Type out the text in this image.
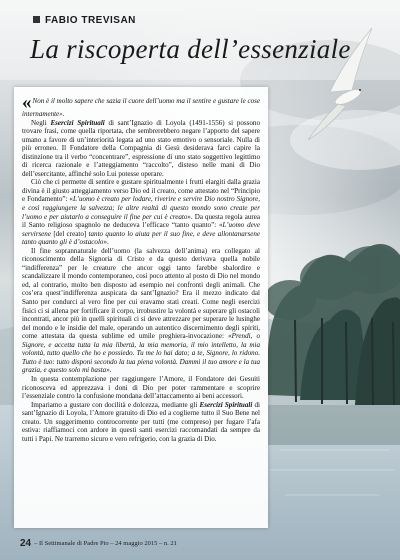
FABIO TREVISAN
La riscoperta dell’essenziale

«Non è il molto sapere che sazia il cuore dell’uomo ma il sentire e gustare le cose internamente».

Negli Esercizi Spirituali di sant’Ignazio di Loyola (1491-1556) si possono trovare frasi, come quella riportata, che sembrerebbero negare l’apporto del sapere umano a favore di un’interiorità legata ad uno stato emotivo o sensoriale. Nulla di più erroneo. Il Fondatore della Compagnia di Gesù desiderava farci capire la distinzione tra il verbo “concentrare”, espressione di uno stato soggettivo legittimo di ricerca razionale e l’atteggiamento “raccolto”, disteso nelle mani di Dio dell’esercitante, affinché solo Lui potesse operare.

Ciò che ci permette di sentire e gustare spiritualmente i frutti elargiti dalla grazia divina è il giusto atteggiamento verso Dio ed il creato, come attestato nel “Principio e Fondamento”: «L’uomo è creato per lodare, riverire e servire Dio nostro Signore, e così raggiungere la salvezza; le altre realtà di questo mondo sono create per l’uomo e per aiutarlo a conseguire il fine per cui è creato». Da questa regola aurea il Santo religioso spagnolo ne deduceva l’efficace “tanto quanto”: «L’uomo deve servirsene [del creato] tanto quanto lo aiuta per il suo fine, e deve allontanarsene tanto quanto gli è d’ostacolo».

Il fine soprannaturale dell’uomo (la salvezza dell’anima) era collegato al riconoscimento della Signoria di Cristo e da questo derivava quella nobile “indifferenza” per le creature che ancor oggi tanto farebbe sbalordire e scandalizzare il mondo contemporaneo, così poco attento al posto di Dio nel mondo ed, al contrario, molto ben disposto ad esempio nei confronti degli animali. Che cos’era quest’indifferenza auspicata da sant’Ignazio? Era il mezzo indicato dal Santo per condurci al vero fine per cui eravamo stati creati. Come negli esercizi fisici ci si allena per fortificare il corpo, irrobustire la volontà e superare gli ostacoli incontrati, ancor più in quelli spirituali ci si deve attrezzare per superare le lusinghe del mondo e le insidie del male, operando un autentico discernimento degli spiriti, come attestata da questa sublime ed umile preghiera-invocazione: «Prendi, o Signore, e accetta tutta la mia libertà, la mia memoria, il mio intelletto, la mia volontà, tutto quello che ho e possiedo. Tu me lo hai dato; a te, Signore, lo ridono. Tutto è tuo: tutto disponi secondo la tua piena volontà. Dammi il tuo amore e la tua grazia, e questo solo mi basta».

In questa contemplazione per raggiungere l’Amore, il Fondatore dei Gesuiti riconosceva ed apprezzava i doni di Dio per poter rammentare e scoprire l’essenziale contro la confusione mondana dell’attaccamento ai beni accessori.

Impariamo a gustare con docilità e dolcezza, mediante gli Esercizi Spirituali di sant’Ignazio di Loyola, l’Amore gratuito di Dio ed a coglierne tutto il Suo Bene nel creato. Un suggerimento controcorrente per tutti (me compreso) per fugare l’afa estiva: riaffiamoci con ardore in questi santi esercizi raccomandati da sempre da tutti i Papi. Ne trarremo sicuro e vero refrigerio, con la grazia di Dio.

24 – Il Settimanale di Padre Pio – 24 maggio 2015 – n. 21
